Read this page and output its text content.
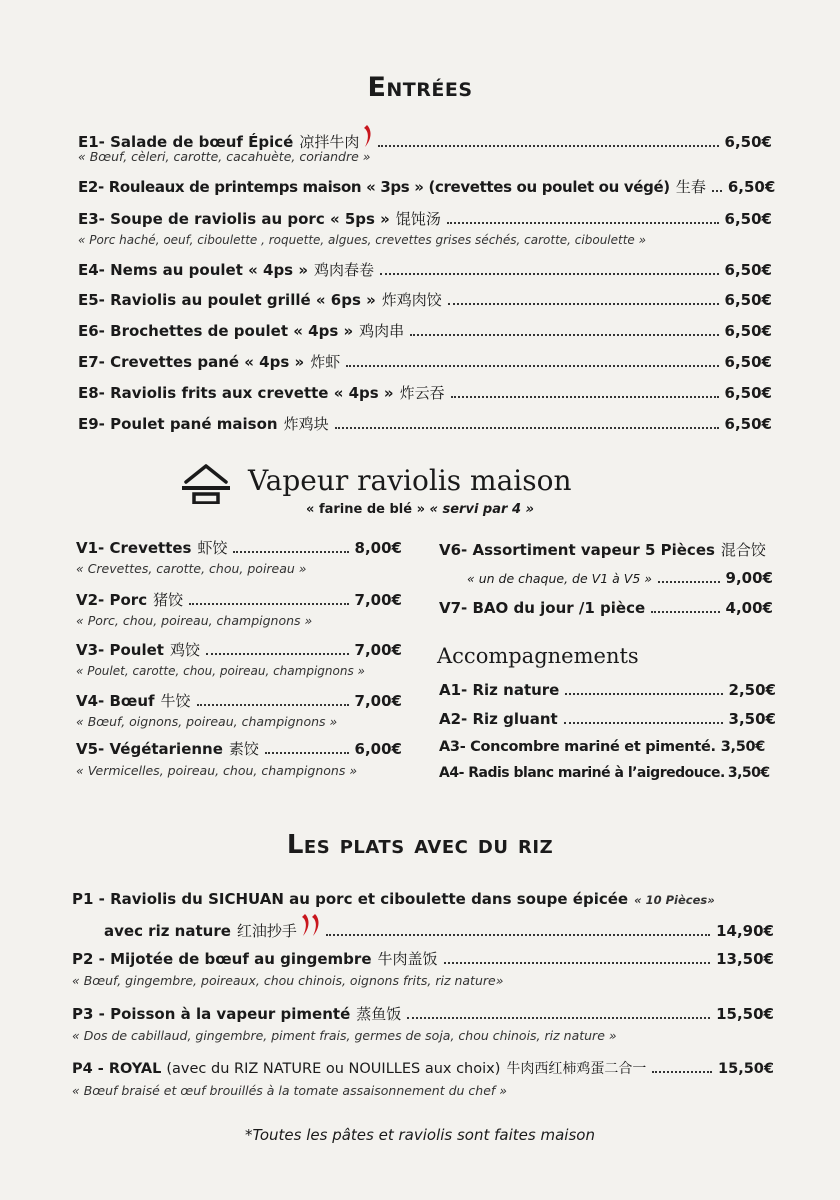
Entrées
E1- Salade de bœuf Épicé 凉拌牛肉	6,50€
« Bœuf, cèleri, carotte, cacahuète, coriandre »
E2- Rouleaux de printemps maison « 3ps » (crevettes ou poulet ou végé) 生春 6,50€
E3- Soupe de raviolis au porc « 5ps » 馄饨汤	6,50€
« Porc haché, oeuf, ciboulette , roquette, algues, crevettes grises séchés, carotte, ciboulette »
E4- Nems au poulet « 4ps » 鸡肉春卷	6,50€
E5- Raviolis au poulet grillé « 6ps » 炸鸡肉饺	6,50€
E6- Brochettes de poulet « 4ps » 鸡肉串	6,50€
E7- Crevettes pané « 4ps » 炸虾	6,50€
E8- Raviolis frits aux crevette « 4ps » 炸云吞	6,50€
E9- Poulet pané maison 炸鸡块	6,50€
Vapeur raviolis maison
« farine de blé » « servi par 4 »
V1- Crevettes 虾饺	8,00€
« Crevettes, carotte, chou, poireau »
V2- Porc 猪饺	7,00€
« Porc, chou, poireau, champignons »
V3- Poulet 鸡饺	7,00€
« Poulet, carotte, chou, poireau, champignons »
V4- Bœuf 牛饺	7,00€
« Bœuf, oignons, poireau, champignons »
V5- Végétarienne 素饺	6,00€
« Vermicelles, poireau, chou, champignons »
V6- Assortiment vapeur 5 Pièces 混合饺
« un de chaque, de V1 à V5 »	9,00€
V7- BAO du jour /1 pièce	4,00€
Accompagnements
A1- Riz nature	2,50€
A2- Riz gluant	3,50€
A3- Concombre mariné et pimenté. 3,50€
A4- Radis blanc mariné à l’aigredouce. 3,50€
Les plats avec du riz
P1 - Raviolis du SICHUAN au porc et ciboulette dans soupe épicée « 10 Pièces»
avec riz nature 红油抄手	14,90€
P2 - Mijotée de bœuf au gingembre 牛肉盖饭	13,50€
« Bœuf, gingembre, poireaux, chou chinois, oignons frits, riz nature»
P3 - Poisson à la vapeur pimenté 蒸鱼饭	15,50€
« Dos de cabillaud, gingembre, piment frais, germes de soja, chou chinois, riz nature »
P4 - ROYAL (avec du RIZ NATURE ou NOUILLES aux choix) 牛肉西红柿鸡蛋二合一	15,50€
« Bœuf braisé et œuf brouillés à la tomate assaisonnement du chef »
*Toutes les pâtes et raviolis sont faites maison
